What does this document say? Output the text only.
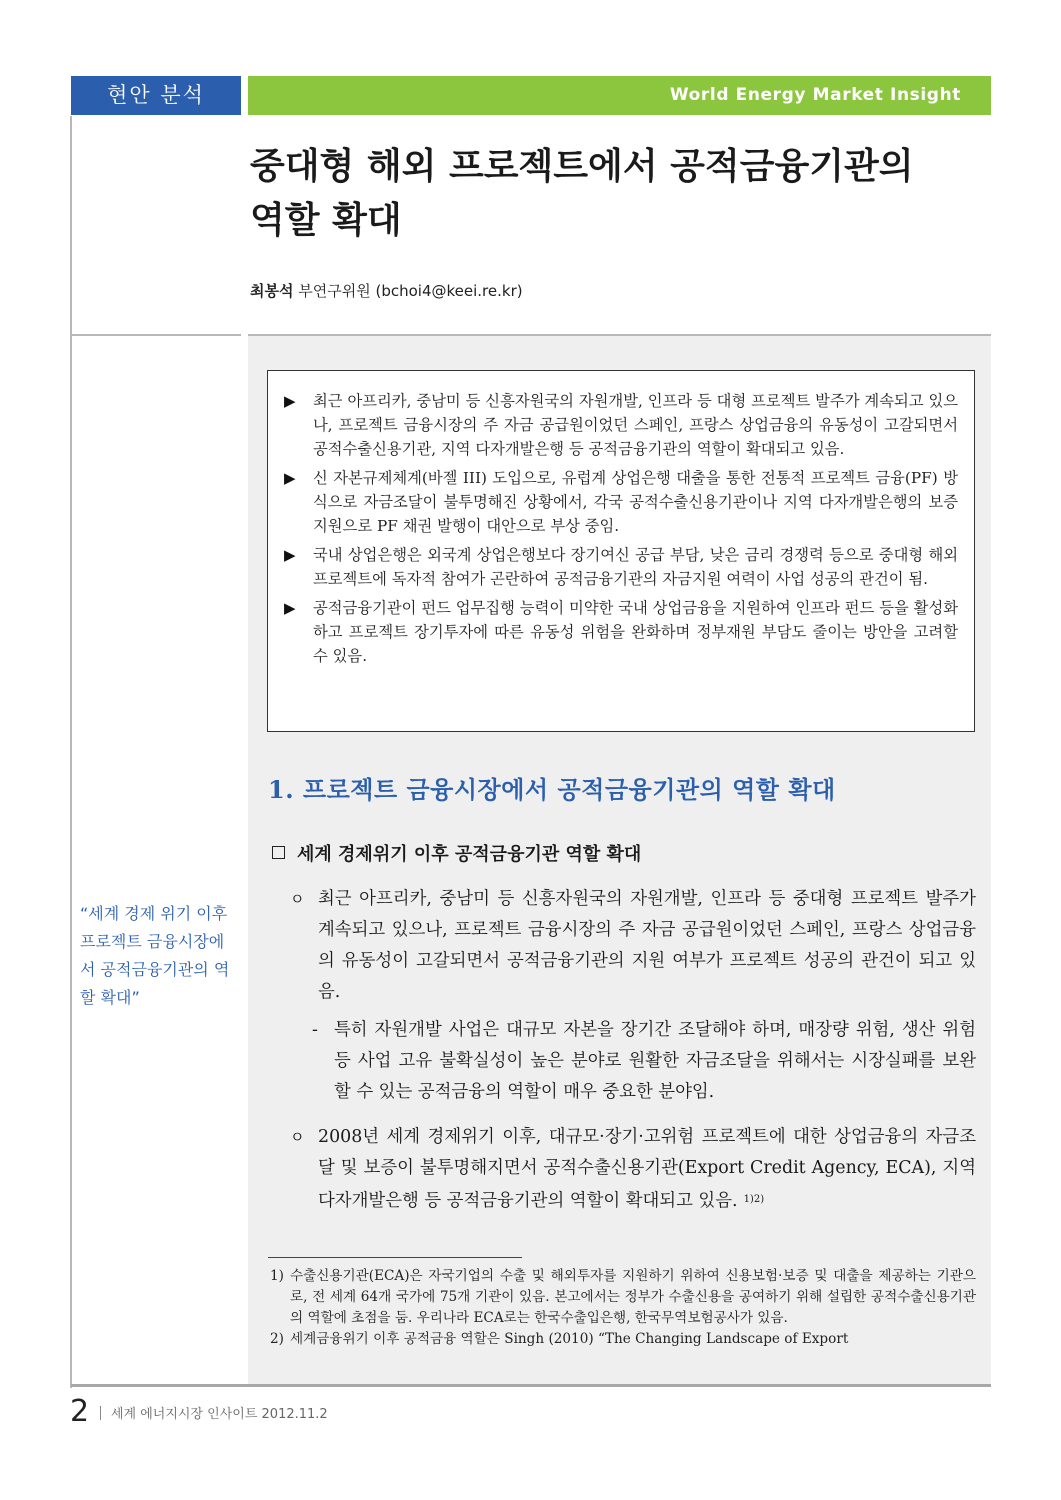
현안 분석	World Energy Market Insight
중대형 해외 프로젝트에서 공적금융기관의
역할 확대
최봉석 부연구위원 (bchoi4@keei.re.kr)
▶ 최근 아프리카, 중남미 등 신흥자원국의 자원개발, 인프라 등 대형 프로젝트 발주가 계속되고 있으나, 프로젝트 금융시장의 주 자금 공급원이었던 스페인, 프랑스 상업금융의 유동성이 고갈되면서 공적수출신용기관, 지역 다자개발은행 등 공적금융기관의 역할이 확대되고 있음.
▶ 신 자본규제체계(바젤 III) 도입으로, 유럽계 상업은행 대출을 통한 전통적 프로젝트 금융(PF) 방식으로 자금조달이 불투명해진 상황에서, 각국 공적수출신용기관이나 지역 다자개발은행의 보증 지원으로 PF 채권 발행이 대안으로 부상 중임.
▶ 국내 상업은행은 외국계 상업은행보다 장기여신 공급 부담, 낮은 금리 경쟁력 등으로 중대형 해외프로젝트에 독자적 참여가 곤란하여 공적금융기관의 자금지원 여력이 사업 성공의 관건이 됨.
▶ 공적금융기관이 펀드 업무집행 능력이 미약한 국내 상업금융을 지원하여 인프라 펀드 등을 활성화하고 프로젝트 장기투자에 따른 유동성 위험을 완화하며 정부재원 부담도 줄이는 방안을 고려할 수 있음.
“세계 경제 위기 이후 프로젝트 금융시장에서 공적금융기관의 역할 확대”
1. 프로젝트 금융시장에서 공적금융기관의 역할 확대
세계 경제위기 이후 공적금융기관 역할 확대
ㅇ 최근 아프리카, 중남미 등 신흥자원국의 자원개발, 인프라 등 중대형 프로젝트 발주가 계속되고 있으나, 프로젝트 금융시장의 주 자금 공급원이었던 스페인, 프랑스 상업금융의 유동성이 고갈되면서 공적금융기관의 지원 여부가 프로젝트 성공의 관건이 되고 있음.
- 특히 자원개발 사업은 대규모 자본을 장기간 조달해야 하며, 매장량 위험, 생산 위험 등 사업 고유 불확실성이 높은 분야로 원활한 자금조달을 위해서는 시장실패를 보완할 수 있는 공적금융의 역할이 매우 중요한 분야임.
ㅇ 2008년 세계 경제위기 이후, 대규모·장기·고위험 프로젝트에 대한 상업금융의 자금조달 및 보증이 불투명해지면서 공적수출신용기관(Export Credit Agency, ECA), 지역 다자개발은행 등 공적금융기관의 역할이 확대되고 있음. $^{1)2)}$
1) 수출신용기관(ECA)은 자국기업의 수출 및 해외투자를 지원하기 위하여 신용보험·보증 및 대출을 제공하는 기관으로, 전 세계 64개 국가에 75개 기관이 있음. 본고에서는 정부가 수출신용을 공여하기 위해 설립한 공적수출신용기관의 역할에 초점을 둠. 우리나라 ECA로는 한국수출입은행, 한국무역보험공사가 있음.
2) 세계금융위기 이후 공적금융 역할은 Singh (2010) “The Changing Landscape of Export
2	세계 에너지시장 인사이트 2012.11.2
